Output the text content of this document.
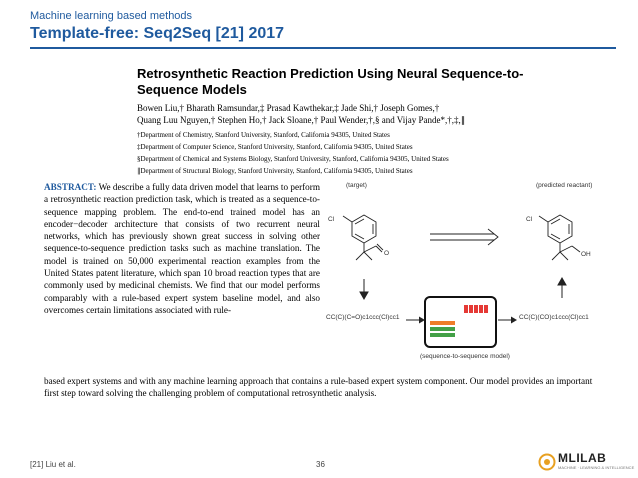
Machine learning based methods
Template-free: Seq2Seq [21] 2017
Retrosynthetic Reaction Prediction Using Neural Sequence-to-Sequence Models
Bowen Liu,† Bharath Ramsundar,‡ Prasad Kawthekar,‡ Jade Shi,† Joseph Gomes,†
Quang Luu Nguyen,† Stephen Ho,† Jack Sloane,† Paul Wender,†,§ and Vijay Pande*,†,‡,∥
†Department of Chemistry, Stanford University, Stanford, California 94305, United States
‡Department of Computer Science, Stanford University, Stanford, California 94305, United States
§Department of Chemical and Systems Biology, Stanford University, Stanford, California 94305, United States
∥Department of Structural Biology, Stanford University, Stanford, California 94305, United States
ABSTRACT: We describe a fully data driven model that learns to perform a retrosynthetic reaction prediction task, which is treated as a sequence-to-sequence mapping problem. The end-to-end trained model has an encoder−decoder architecture that consists of two recurrent neural networks, which has previously shown great success in solving other sequence-to-sequence prediction tasks such as machine translation. The model is trained on 50,000 experimental reaction examples from the United States patent literature, which span 10 broad reaction types that are commonly used by medicinal chemists. We find that our model performs comparably with a rule-based expert system baseline model, and also overcomes certain limitations associated with rule-
based expert systems and with any machine learning approach that contains a rule-based expert system component. Our model provides an important first step toward solving the challenging problem of computational retrosynthetic analysis.
(target)	(predicted reactant)
Cl
O
Cl
OH
CC(C)(C=O)c1ccc(Cl)cc1	CC(C)(CO)c1ccc(Cl)cc1
(sequence-to-sequence model)
[21] Liu et al.	36	MLILAB
MACHINE · LEARNING & INTELLIGENCE
